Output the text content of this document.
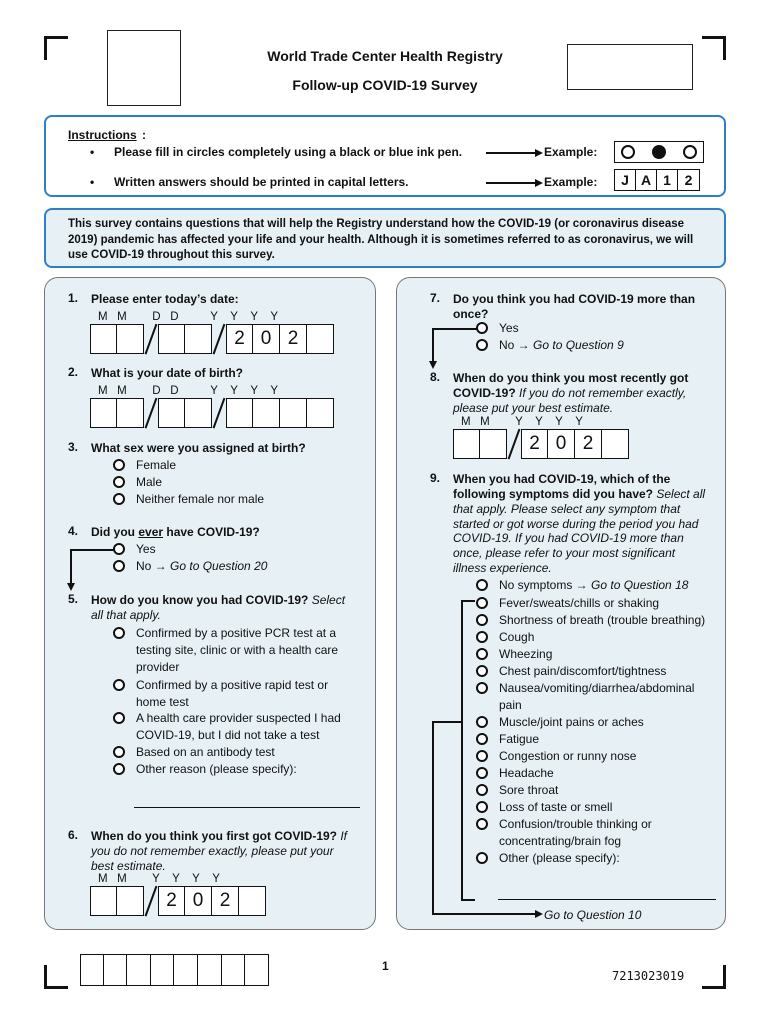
World Trade Center Health Registry
Follow-up COVID-19 Survey
Instructions :
• Please fill in circles completely using a black or blue ink pen.	Example:
• Written answers should be printed in capital letters.	Example:	J A 1 2
This survey contains questions that will help the Registry understand how the COVID-19 (or coronavirus disease 2019) pandemic has affected your life and your health. Although it is sometimes referred to as coronavirus, we will use COVID-19 throughout this survey.
1. Please enter today’s date:
M   M        D   D          Y    Y    Y    Y
2 0 2
2. What is your date of birth?
M   M        D   D          Y    Y    Y    Y
3. What sex were you assigned at birth?
Female
Male
Neither female nor male
4. Did you ever have COVID-19?
Yes
No → Go to Question 20
5. How do you know you had COVID-19? Select
all that apply.
Confirmed by a positive PCR test at a
testing site, clinic or with a health care
provider
Confirmed by a positive rapid test or
home test
A health care provider suspected I had
COVID-19, but I did not take a test
Based on an antibody test
Other reason (please specify):
6. When do you think you first got COVID-19? If
you do not remember exactly, please put your
best estimate.
M   M        Y    Y    Y    Y
2 0 2
7. Do you think you had COVID-19 more than
once?
Yes
No → Go to Question 9
8. When do you think you most recently got
COVID-19? If you do not remember exactly,
please put your best estimate.
M   M        Y    Y    Y    Y
2 0 2
9. When you had COVID-19, which of the
following symptoms did you have? Select all
that apply. Please select any symptom that
started or got worse during the period you had
COVID-19. If you had COVID-19 more than
once, please refer to your most significant
illness experience.
No symptoms → Go to Question 18
Fever/sweats/chills or shaking
Shortness of breath (trouble breathing)
Cough
Wheezing
Chest pain/discomfort/tightness
Nausea/vomiting/diarrhea/abdominal
pain
Muscle/joint pains or aches
Fatigue
Congestion or runny nose
Headache
Sore throat
Loss of taste or smell
Confusion/trouble thinking or
concentrating/brain fog
Other (please specify):
Go to Question 10
1
7213023019
